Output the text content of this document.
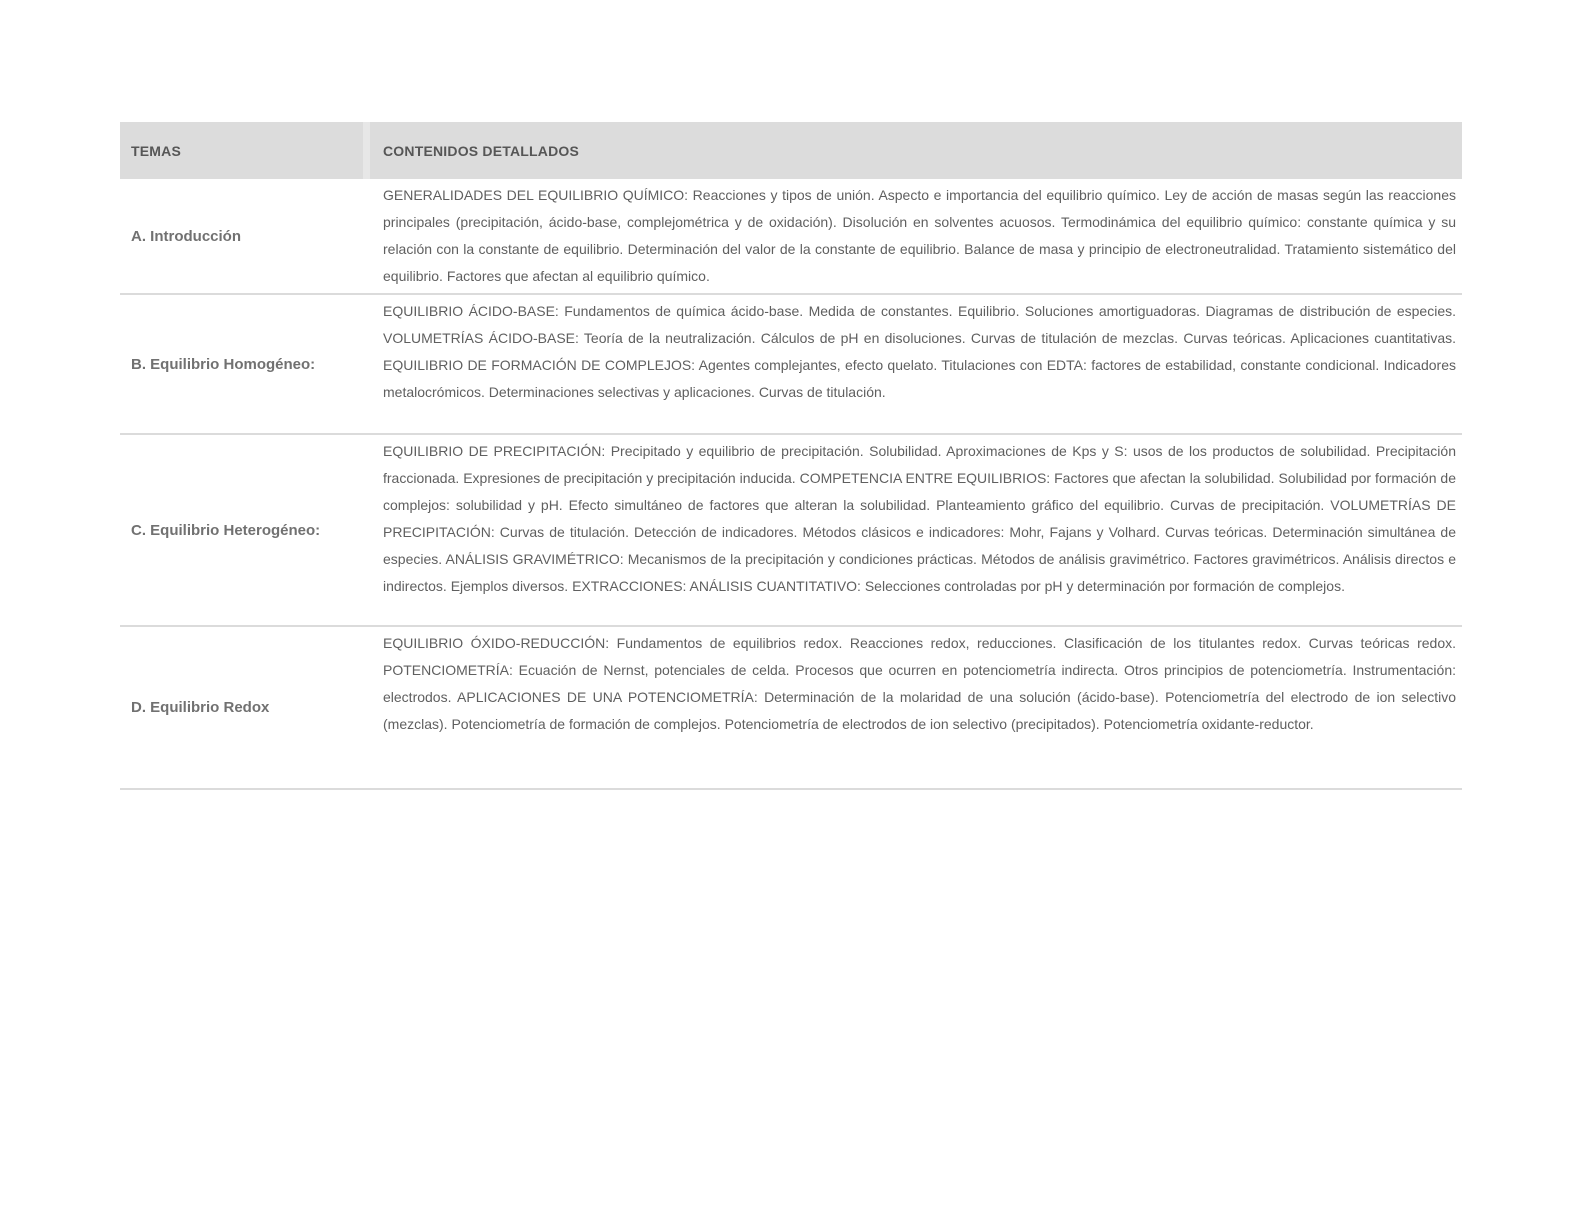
TEMAS	CONTENIDOS DETALLADOS
A. Introducción
GENERALIDADES DEL EQUILIBRIO QUÍMICO: Reacciones y tipos de unión. Aspecto e importancia del equilibrio químico. Ley de acción de masas según las reacciones principales (precipitación, ácido-base, complejométrica y de oxidación). Disolución en solventes acuosos. Termodinámica del equilibrio químico: constante química y su relación con la constante de equilibrio. Determinación del valor de la constante de equilibrio. Balance de masa y principio de electroneutralidad. Tratamiento sistemático del equilibrio. Factores que afectan al equilibrio químico.
B. Equilibrio Homogéneo:
EQUILIBRIO ÁCIDO-BASE: Fundamentos de química ácido-base. Medida de constantes. Equilibrio. Soluciones amortiguadoras. Diagramas de distribución de especies. VOLUMETRÍAS ÁCIDO-BASE: Teoría de la neutralización. Cálculos de pH en disoluciones. Curvas de titulación de mezclas. Curvas teóricas. Aplicaciones cuantitativas. EQUILIBRIO DE FORMACIÓN DE COMPLEJOS: Agentes complejantes, efecto quelato. Titulaciones con EDTA: factores de estabilidad, constante condicional. Indicadores metalocrómicos. Determinaciones selectivas y aplicaciones. Curvas de titulación.
C. Equilibrio Heterogéneo:
EQUILIBRIO DE PRECIPITACIÓN: Precipitado y equilibrio de precipitación. Solubilidad. Aproximaciones de Kps y S: usos de los productos de solubilidad. Precipitación fraccionada. Expresiones de precipitación y precipitación inducida. COMPETENCIA ENTRE EQUILIBRIOS: Factores que afectan la solubilidad. Solubilidad por formación de complejos: solubilidad y pH. Efecto simultáneo de factores que alteran la solubilidad. Planteamiento gráfico del equilibrio. Curvas de precipitación. VOLUMETRÍAS DE PRECIPITACIÓN: Curvas de titulación. Detección de indicadores. Métodos clásicos e indicadores: Mohr, Fajans y Volhard. Curvas teóricas. Determinación simultánea de especies. ANÁLISIS GRAVIMÉTRICO: Mecanismos de la precipitación y condiciones prácticas. Métodos de análisis gravimétrico. Factores gravimétricos. Análisis directos e indirectos. Ejemplos diversos. EXTRACCIONES: ANÁLISIS CUANTITATIVO: Selecciones controladas por pH y determinación por formación de complejos.
D. Equilibrio Redox
EQUILIBRIO ÓXIDO-REDUCCIÓN: Fundamentos de equilibrios redox. Reacciones redox, reducciones. Clasificación de los titulantes redox. Curvas teóricas redox. POTENCIOMETRÍA: Ecuación de Nernst, potenciales de celda. Procesos que ocurren en potenciometría indirecta. Otros principios de potenciometría. Instrumentación: electrodos. APLICACIONES DE UNA POTENCIOMETRÍA: Determinación de la molaridad de una solución (ácido-base). Potenciometría del electrodo de ion selectivo (mezclas). Potenciometría de formación de complejos. Potenciometría de electrodos de ion selectivo (precipitados). Potenciometría oxidante-reductor.
